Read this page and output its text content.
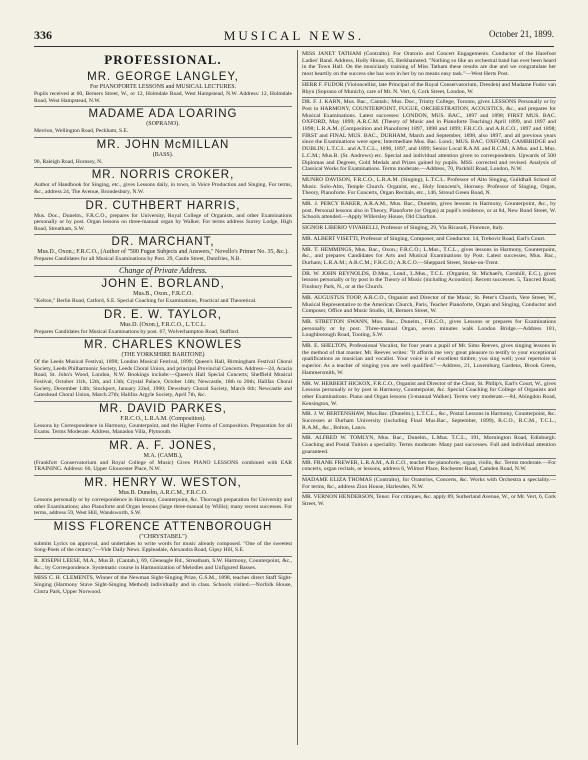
336	MUSICAL NEWS.	October 21, 1899.
PROFESSIONAL.
MR. GEORGE LANGLEY,
For PIANOFORTE LESSONS and MUSICAL LECTURES.
Pupils received at 60, Berners Street, W., or 12, Holmdale Road, West Hampstead, N.W. Address: 12, Holmdale Road, West Hampstead, N.W.
MADAME ADA LOARING
(SOPRANO).
Merrion, Wellington Road, Peckham, S.E.
MR. JOHN McMILLAN
(BASS).
90, Raleigh Road, Hornsey, N.
MR. NORRIS CROKER,
Author of Handbook for Singing, etc., gives Lessons daily, in town, in Voice Production and Singing. For terms, &c., address 24, The Avenue, Brondesbury, N.W.
DR. CUTHBERT HARRIS,
Mus. Doc., Dunelm., F.R.C.O., prepares for University, Royal College of Organists, and other Examinations personally or by post. Organ lessons on three-manual organ by Walker. For terms address Surrey Lodge, High Road, Streatham, S.W.
DR. MARCHANT,
Mus.D., Oxon.; F.R.C.O., (Author of "500 Fugue Subjects and Answers," Novello's Primer No. 35, &c.).
Prepares Candidates for all Musical Examinations by Post. 29, Castle Street, Dumfries, N.B.
Change of Private Address.
JOHN E. BORLAND,
Mus.B., Oxon., F.R.C.O.
"Kelton," Berlin Road, Catford, S.E. Special Coaching for Examinations, Practical and Theoretical.
DR. E. W. TAYLOR,
Mus.D. (Oxon.), F.R.C.O., L.T.C.L.
Prepares Candidates for Musical Examinations by post. 67, Wolverhampton Road, Stafford.
MR. CHARLES KNOWLES
(THE YORKSHIRE BARITONE)
Of the Leeds Musical Festival, 1898; London Musical Festival, 1899; Queen's Hall, Birmingham Festival Choral Society, Leeds Philharmonic Society, Leeds Choral Union, and principal Provincial Concerts. Address—24, Acacia Road, St. John's Wood, London, N.W. Bookings include:—Queen's Hall Special Concerts; Sheffield Musical Festival, October 11th, 12th, and 13th; Crystal Palace, October 14th; Newcastle, 18th to 20th; Halifax Choral Society, December 14th; Stockport, January 22nd, 1900; Dewsbury Choral Society, March 6th; Newcastle and Gateshead Choral Union, March 27th; Halifax Argyle Society, April 7th, &c.
MR. DAVID PARKES,
F.R.C.O., L.R.A.M. (Composition).
Lessons by Correspondence in Harmony, Counterpoint, and the Higher Forms of Composition. Preparation for all Exams. Terms Moderate. Address, Manadon Villa, Plymouth.
MR. A. F. JONES,
M.A. (CAMB.),
(Frankfort Conservatorium and Royal College of Music) Gives PIANO LESSONS combined with EAR TRAINING. Address: 66, Upper Gloucester Place, N.W.
MR. HENRY W. WESTON,
Mus.B. Dunelm, A.R.C.M., F.R.C.O.
Lessons personally or by correspondence in Harmony, Counterpoint, &c. Thorough preparation for University and other Examinations; also Pianoforte and Organ lessons (large three-manual by Willis); many recent successes. For terms, address 59, West Hill, Wandsworth, S.W.
MISS FLORENCE ATTENBOROUGH
("CHRYSTABEL")
submits Lyrics on approval, and undertakes to write words for music already composed. "One of the sweetest Song-Poets of the century."—Vide Daily News. Eppleadale, Alexandra Road, Gipsy Hill, S.E.
R. JOSEPH LEESE, M.A., Mus.B. (Cantab.), 69, Gleneagle Rd., Streatham, S.W. Harmony, Counterpoint, &c., &c., by Correspondence. Systematic course in Harmonization of Melodies and Unfigured Basses.
MISS C. H. CLEMENTS, Winner of the Newman Sight-Singing Prize, G.S.M., 1898, teaches direct Staff Sight-Singing (Harmony Stave Sight-Singing Method) individually and in class. Schools visited.—Norfolk House, Cintra Park, Upper Norwood.
MISS JANET TATHAM (Contralto). For Oratorio and Concert Engagements. Conductor of the Harefoot Ladies' Band. Address, Holly House, 65, Berkhamsted. "Nothing so like an orchestral band has ever been heard in the Town Hall. On the musicianly training of Miss Tatham these results are due and we congratulate her most heartily on the success she has won in her by no means easy task."—West Herts Post.
HERR F. FUDOR (Violoncellist, late Principal of the Royal Conservatorium, Dresden) and Madame Fudor van Rhyn (Soprano of Munich), care of Mr. N. Vert, 6, Cork Street, London, W.
DR. F. J. KARN, Mus. Bac., Cantab.; Mus. Doc., Trinity College, Toronto, gives LESSONS Personally or by Post in HARMONY, COUNTERPOINT, FUGUE, ORCHESTRATION, ACOUSTICS, &c., and prepares for Musical Examinations. Latest successes: LONDON, MUS. BAC., 1897 and 1898; FIRST MUS. BAC. OXFORD, May 1899; A.R.C.M. (Theory of Music and in Pianoforte Teaching) April 1899, and 1897 and 1898; L.R.A.M. (Composition and Pianoforte) 1897, 1898 and 1899; F.R.C.O. and A.R.C.O., 1897 and 1898; FIRST and FINAL MUS. BAC., DURHAM, March and September, 1898, also 1897, and all previous years since the Examinations were open; Intermediate Mus. Bac. Lond.; MUS. BAC. OXFORD, CAMBRIDGE and DUBLIN; L.T.C.L. and A.T.C.L., 1896, 1897, and 1899; Senior Local R.A.M. and R.C.M.; A.Mus. and L.Mus. L.C.M.; Mus.B. (St. Andrews) etc. Special and individual attention given to correspondents. Upwards of 500 Diplomas and Degrees, Gold Medals and Prizes gained by pupils. MSS. corrected and revised. Analysis of Classical Works for Examinations. Terms moderate.—Address, 70, Parkhill Road, London, N.W.
MUNRO DAVISON, F.R.C.O., L.R.A.M. (Singing), L.T.C.L. Professor of Alto Singing, Guildhall School of Music. Solo-Alto, Temple Church. Organist, etc., Holy Innocent's, Hornsey. Professor of Singing, Organ, Theory, Pianoforte. For Concerts, Organ Recitals, etc., 146, Stroud Green Road, N.
MR. J. PERCY BAKER, A.R.A.M., Mus. Bac., Dunelm, gives lessons in Harmony, Counterpoint, &c., by post. Personal lessons also in Theory, Pianoforte (or Organ) at pupil's residence, or at 84, New Bond Street, W. Schools attended.—Apply Willersley House, Old Charlton.
SIGNOR LIBERIO VIVARELLI, Professor of Singing, 29, Via Ricasoli, Florence, Italy.
MR. ALBERT VISETTI, Professor of Singing, Composer, and Conductor. 14, Trebovir Road, Earl's Court.
MR. T. HEMMINGS, Mus. Bac., Oxon.; F.R.C.O.; L.Mus., T.C.L., gives lessons in Harmony, Counterpoint, &c., and prepares Candidates for Arts and Musical Examinations by Post. Latest successes, Mus. Bac., Durham; L.R.A.M.; A.R.C.M.; F.R.C.O.; A.R.C.O.—Sheppard Street, Stoke-on-Trent.
DR. W. JOHN REYNOLDS, D.Mus., Lond., L.Mus., T.C.L. (Organist, St. Michael's, Cornhill, E.C.), gives lessons personally or by post in the Theory of Music (including Acoustics). Recent successes. 5, Tancred Road, Finsbury Park, N., or at the Church.
MR. AUGUSTUS TOOP, A.R.C.O., Organist and Director of the Music, St. Peter's Church, Vere Street, W., Musical Representative to the American Church, Paris, Teacher Pianoforte, Organ and Singing, Conductor and Composer, Office and Music Studio, 18, Berners Street, W.
MR. STRETTON SWANN, Mus. Bac., Dunelm., F.R.C.O., gives Lessons or prepares for Examinations personally or by post. Three-manual Organ, seven minutes walk London Bridge.—Address 181, Loughborough Road, Tooting, S.W.
MR. E. SHELTON, Professional Vocalist, for four years a pupil of Mr. Sims Reeves, gives singing lessons in the method of that master. Mr. Reeves writes: "It affords me very great pleasure to testify to your exceptional qualifications as musician and vocalist. Your voice is of excellent timbre; you sing well; your repertoire is superior. As a teacher of singing you are well qualified."—Address, 21, Luxemburg Gardens, Brook Green, Hammersmith, W.
MR. W. HERBERT HICKOX, F.R.C.O., Organist and Director of the Choir, St. Philip's, Earl's Court, W., gives Lessons personally or by post in Harmony, Counterpoint, &c. Special Coaching for College of Organists and other Examinations. Piano and Organ lessons (3-manual Walker). Terms very moderate.—84, Abingdon Road, Kensington, W.
MR. J. W. BERTENSHAW, Mus.Bac. (Dunelm.), L.T.C.L., &c., Postal Lessons in Harmony, Counterpoint, &c. Successes at Durham University (including Final Mus.Bac., September, 1899), R.C.O., R.C.M., T.C.L., R.A.M., &c., Bolton, Lancs.
MR. ALFRED W. TOMLYN, Mus. Bac., Dunelm., L.Mus. T.C.L., 191, Mornington Road, Edinburgh. Coaching and Postal Tuition a speciality. Terms moderate. Many past successes. Full and individual attention guaranteed.
MR. FRANK FREWER, L.R.A.M., A.R.C.O., teaches the pianoforte, organ, violin, &c. Terms moderate.—For concerts, organ recitals, or lessons, address 6, Wilmot Place, Rochester Road, Camden Road, N.W.
MADAME ELIZA THOMAS (Contralto), for Oratorios, Concerts, &c. Works with Orchestra a speciality.—For terms, &c., address Zion House, Harlesden, N.W.
MR. VERNON HENDERSON, Tenor. For critiques, &c. apply 89, Sutherland Avenue, W., or Mr. Vert, 6, Cork Street, W.
